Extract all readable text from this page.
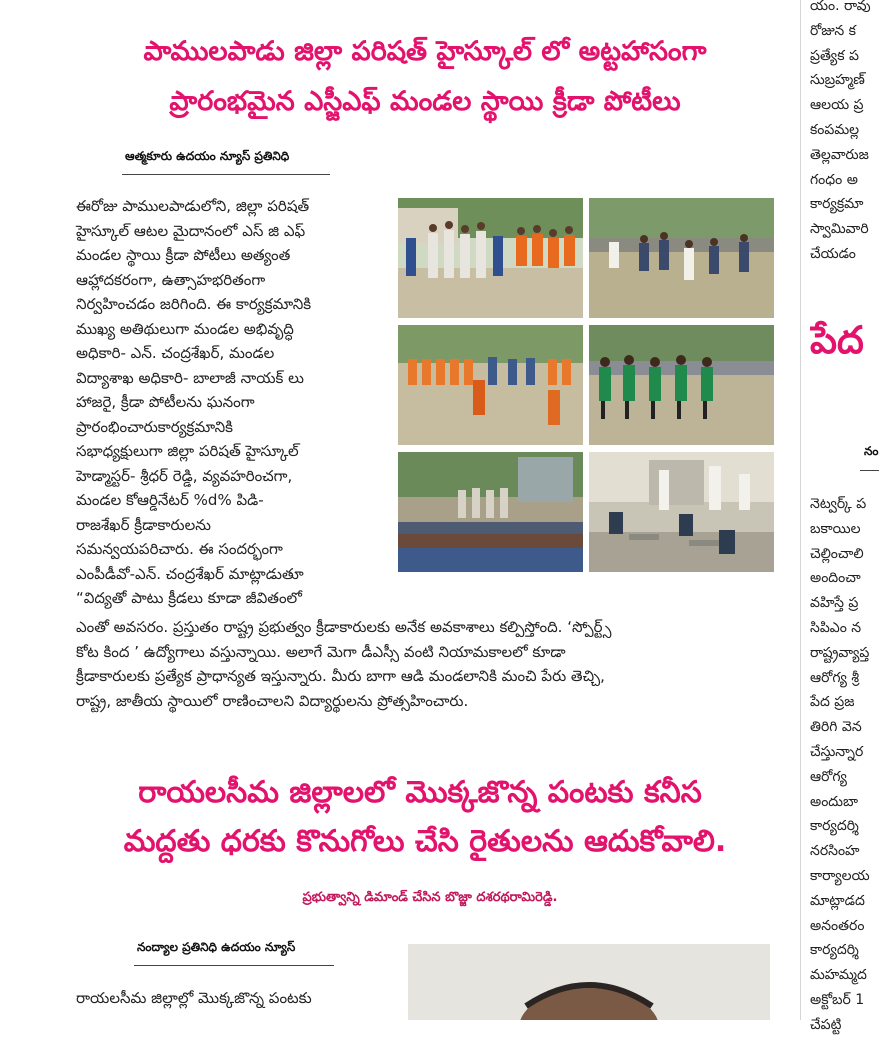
పాములపాడు జిల్లా పరిషత్ హైస్కూల్ లో అట్టహాసంగా
ప్రారంభమైన ఎస్జీఎఫ్ మండల స్థాయి క్రీడా పోటీలు
ఆత్మకూరు ఉదయం న్యూస్ ప్రతినిధి
ఈరోజు పాములపాడులోని, జిల్లా పరిషత్
హైస్కూల్ ఆటల మైదానంలో ఎస్ జి ఎఫ్
మండల స్థాయి క్రీడా పోటీలు అత్యంత
ఆహ్లాదకరంగా, ఉత్సాహభరితంగా
నిర్వహించడం జరిగింది. ఈ కార్యక్రమానికి
ముఖ్య అతిథులుగా మండల అభివృద్ధి
అధికారి- ఎన్. చంద్రశేఖర్, మండల
విద్యాశాఖ అధికారి- బాలాజీ నాయక్ లు
హాజరై, క్రీడా పోటీలను ఘనంగా
ప్రారంభించారుకార్యక్రమానికి
సభాధ్యక్షులుగా జిల్లా పరిషత్ హైస్కూల్
హెడ్మాస్టర్- శ్రీధర్ రెడ్డి, వ్యవహరించగా,
మండల కోఆర్డినేటర్ %d% పిడి-
రాజశేఖర్ క్రీడాకారులను
సమన్వయపరిచారు. ఈ సందర్భంగా
ఎంపీడీవో-ఎన్. చంద్రశేఖర్ మాట్లాడుతూ
“విద్యతో పాటు క్రీడలు కూడా జీవితంలో
ఎంతో అవసరం. ప్రస్తుతం రాష్ట్ర ప్రభుత్వం క్రీడాకారులకు అనేక అవకాశాలు కల్పిస్తోంది. ‘స్పోర్ట్స్
కోట కింద ’ ఉద్యోగాలు వస్తున్నాయి. అలాగే మెగా డీఎస్సీ వంటి నియామకాలలో కూడా
క్రీడాకారులకు ప్రత్యేక ప్రాధాన్యత ఇస్తున్నారు. మీరు బాగా ఆడి మండలానికి మంచి పేరు తెచ్చి,
రాష్ట్ర, జాతీయ స్థాయిలో రాణించాలని విద్యార్థులను ప్రోత్సహించారు.
రాయలసీమ జిల్లాలలో మొక్కజొన్న పంటకు కనీస
మద్దతు ధరకు కొనుగోలు చేసి రైతులను ఆదుకోవాలి.
ప్రభుత్వాన్ని డిమాండ్ చేసిన బొజ్జా దశరథరామిరెడ్డి.
నంద్యాల ప్రతినిధి ఉదయం న్యూస్
రాయలసీమ జిల్లాల్లో మొక్కజొన్న పంటకు
యం. రావు
రోజున క
ప్రత్యేక ప
సుబ్రహ్మణ్
ఆలయ ప్ర
కంపమల్ల
తెల్లవారుజ
గంధం అ
కార్యక్రమా
స్వామివారి
చేయడం
పేద
నం
నెట్వర్క్ ప
బకాయిల
చెల్లించాలి
అందించా
వహిస్తే ప్ర
సిపిఎం న
రాష్ట్రవ్యాప్త
ఆరోగ్య శ్రీ
పేద ప్రజ
తిరిగి వెన
చేస్తున్నార
ఆరోగ్య
అందుబా
కార్యదర్శి
నరసింహ
కార్యాలయ
మాట్లాడద
అనంతరం
కార్యదర్శి
మహమ్మద
అక్టోబర్ 1
చేపట్టి
